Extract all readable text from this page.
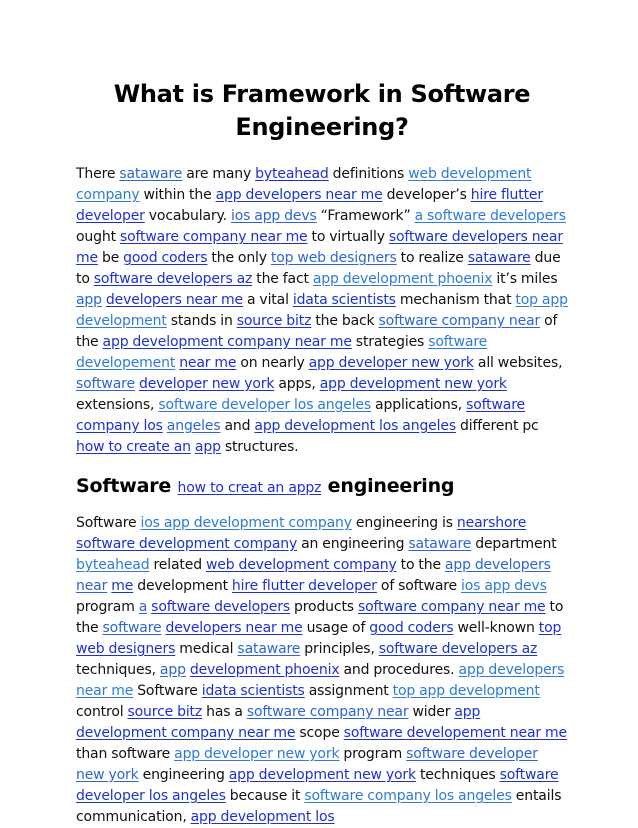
What is Framework in Software Engineering?

There sataware are many byteahead definitions web development company within the app developers near me developer’s hire flutter developer vocabulary. ios app devs “Framework” a software developers ought software company near me to virtually software developers near me be good coders the only top web designers to realize sataware due to software developers az the fact app development phoenix it’s miles app developers near me a vital idata scientists mechanism that top app development stands in source bitz the back software company near of the app development company near me strategies software developement near me on nearly app developer new york all websites, software developer new york apps, app development new york extensions, software developer los angeles applications, software company los angeles and app development los angeles different pc how to create an app structures.

Software how to creat an appz engineering

Software ios app development company engineering is nearshore software development company an engineering sataware department byteahead related web development company to the app developers near me development hire flutter developer of software ios app devs program a software developers products software company near me to the software developers near me usage of good coders well-known top web designers medical sataware principles, software developers az techniques, app development phoenix and procedures. app developers near me Software idata scientists assignment top app development control source bitz has a software company near wider app development company near me scope software developement near me than software app developer new york program software developer new york engineering app development new york techniques software developer los angeles because it software company los angeles entails communication, app development los
